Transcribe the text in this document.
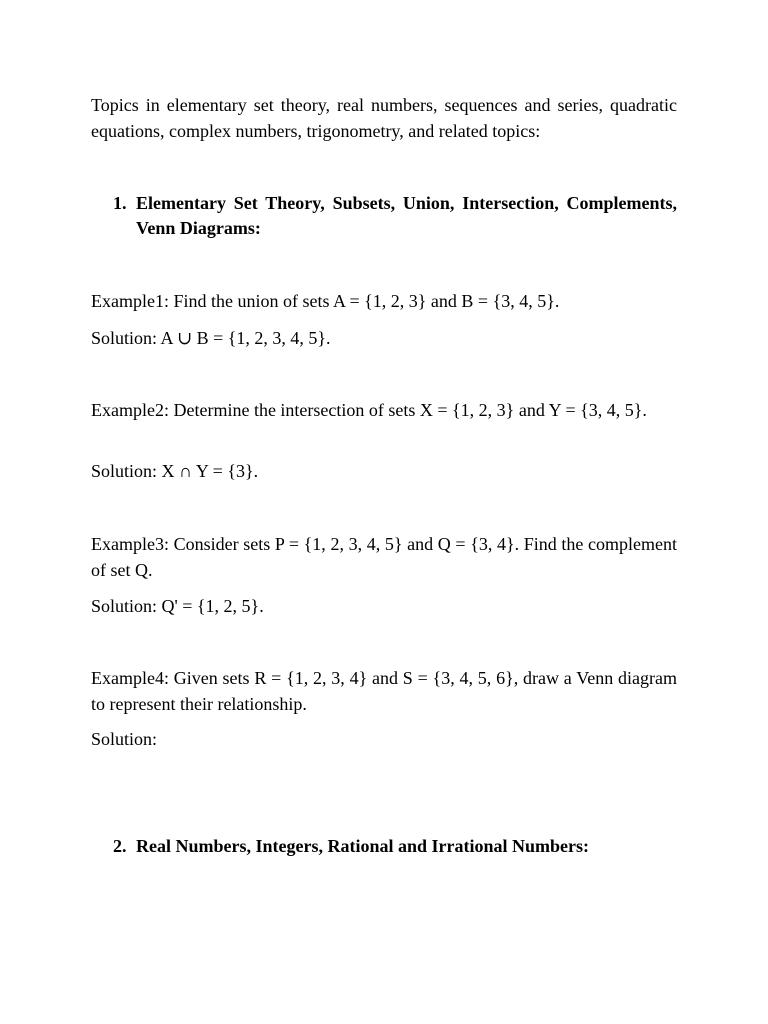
Topics in elementary set theory, real numbers, sequences and series, quadratic equations, complex numbers, trigonometry, and related topics:

1. Elementary Set Theory, Subsets, Union, Intersection, Complements, Venn Diagrams:

Example1: Find the union of sets A = {1, 2, 3} and B = {3, 4, 5}.

Solution: A ∪ B = {1, 2, 3, 4, 5}.

Example2: Determine the intersection of sets X = {1, 2, 3} and Y = {3, 4, 5}.

Solution: X ∩ Y = {3}.

Example3: Consider sets P = {1, 2, 3, 4, 5} and Q = {3, 4}. Find the complement of set Q.

Solution: Q' = {1, 2, 5}.

Example4: Given sets R = {1, 2, 3, 4} and S = {3, 4, 5, 6}, draw a Venn diagram to represent their relationship.

Solution:

2. Real Numbers, Integers, Rational and Irrational Numbers:
